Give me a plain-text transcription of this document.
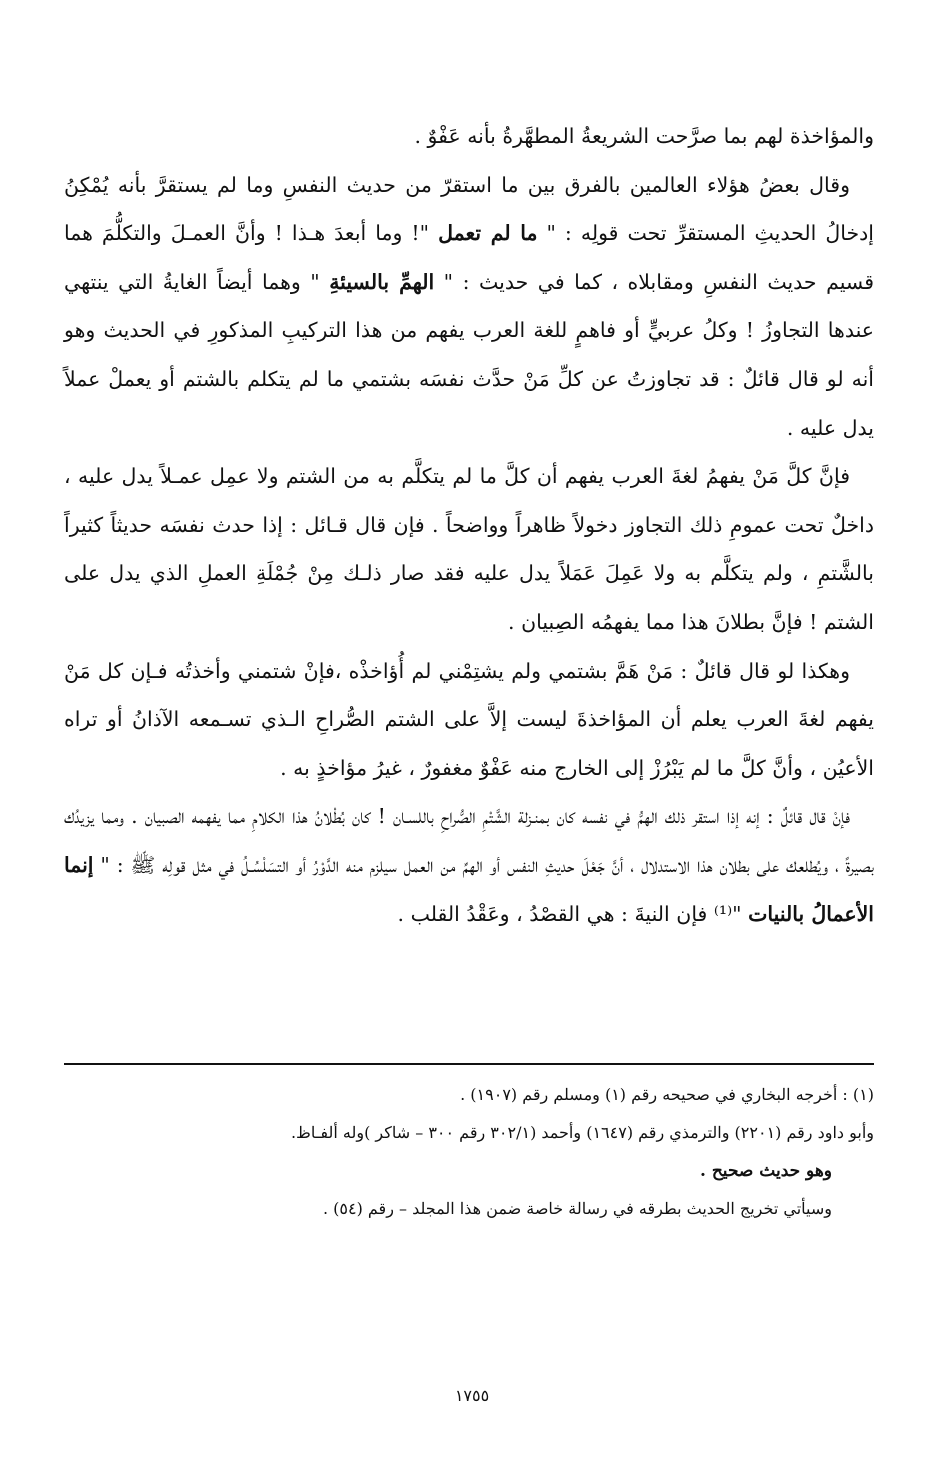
والمؤاخذة لهم بما صرَّحت الشريعةُ المطهَّرةُ بأنه عَفْوٌ .

وقال بعضُ هؤلاء العالمين بالفرق بين ما استقرّ من حديث النفسِ وما لم يستقرَّ بأنه يُمْكِنُ إدخالُ الحديثِ المستقرِّ تحت قولِه : " ما لم تعمل "! وما أبعدَ هـذا ! وأنَّ العمـلَ والتكلُّمَ هما قسيم حديث النفسِ ومقابلاه ، كما في حديث : " الهمِّ بالسيئةِ " وهما أيضاً الغايةُ التي ينتهي عندها التجاوزُ ! وكلُ عربيٍّ أو فاهمٍ للغة العرب يفهم من هذا التركيبِ المذكورِ في الحديث وهو أنه لو قال قائلٌ : قد تجاوزتُ عن كلِّ مَنْ حدَّث نفسَه بشتمي ما لم يتكلم بالشتم أو يعملْ عملاً يدل عليه .

فإنَّ كلَّ مَنْ يفهمُ لغةَ العرب يفهم أن كلَّ ما لم يتكلَّم به من الشتم ولا عمِل عمـلاً يدل عليه ، داخلٌ تحت عمومِ ذلك التجاوز دخولاً ظاهراً وواضحاً . فإن قال قـائل : إذا حدث نفسَه حديثاً كثيراً بالشَّتمِ ، ولم يتكلَّم به ولا عَمِلَ عَمَلاً يدل عليه فقد صار ذلـك مِنْ جُمْلَةِ العملِ الذي يدل على الشتم ! فإنَّ بطلانَ هذا مما يفهمُه الصِبيان .

وهكذا لو قال قائلٌ : مَنْ هَمَّ بشتمي ولم يشتِمْني لم أُؤاخذْه ،فإنْ شتمني وأخذتُه فـإن كل مَنْ يفهم لغةَ العرب يعلم أن المؤاخذةَ ليست إلاَّ على الشتم الصُّراحِ الـذي تسـمعه الآذانُ أو تراه الأعيُن ، وأنَّ كلَّ ما لم يَبْرُزْ إلى الخارج منه عَفْوٌ مغفورٌ ، غيرُ مؤاخذٍ به .

فإنْ قال قائلٌ : إنه إذا استقر ذلك الهمُّ في نفسه كان بمنـزلة الشَّتْمِ الصُّراحِ باللسـان ! كان بُطْلانُ هذا الكلامِ مما يفهمه الصبيان . ومما يزيدُك بصيرةً ، ويُطلعك على بطلان هذا الاستدلال ، أنَّ جَعْلَ حديثِ النفس أو الهمِّ من العمل سيلزم منه الدَّوْرُ أو التسَلْسُـلُ في مثل قولِه ﷺ : " إنما الأعمالُ بالنيات "⁽¹⁾ فإن النيةَ : هي القصْدُ ، وعَقْدُ القلب .

(١) : أخرجه البخاري في صحيحه رقم (١) ومسلم رقم (١٩٠٧) .

وأبو داود رقم (٢٢٠١) والترمذي رقم (١٦٤٧) وأحمد (٣٠٢/١ رقم ٣٠٠ – شاكر )وله ألفـاظ.

وهو حديث صحيح .

وسيأتي تخريج الحديث بطرقه في رسالة خاصة ضمن هذا المجلد – رقم (٥٤) .

١٧٥٥
